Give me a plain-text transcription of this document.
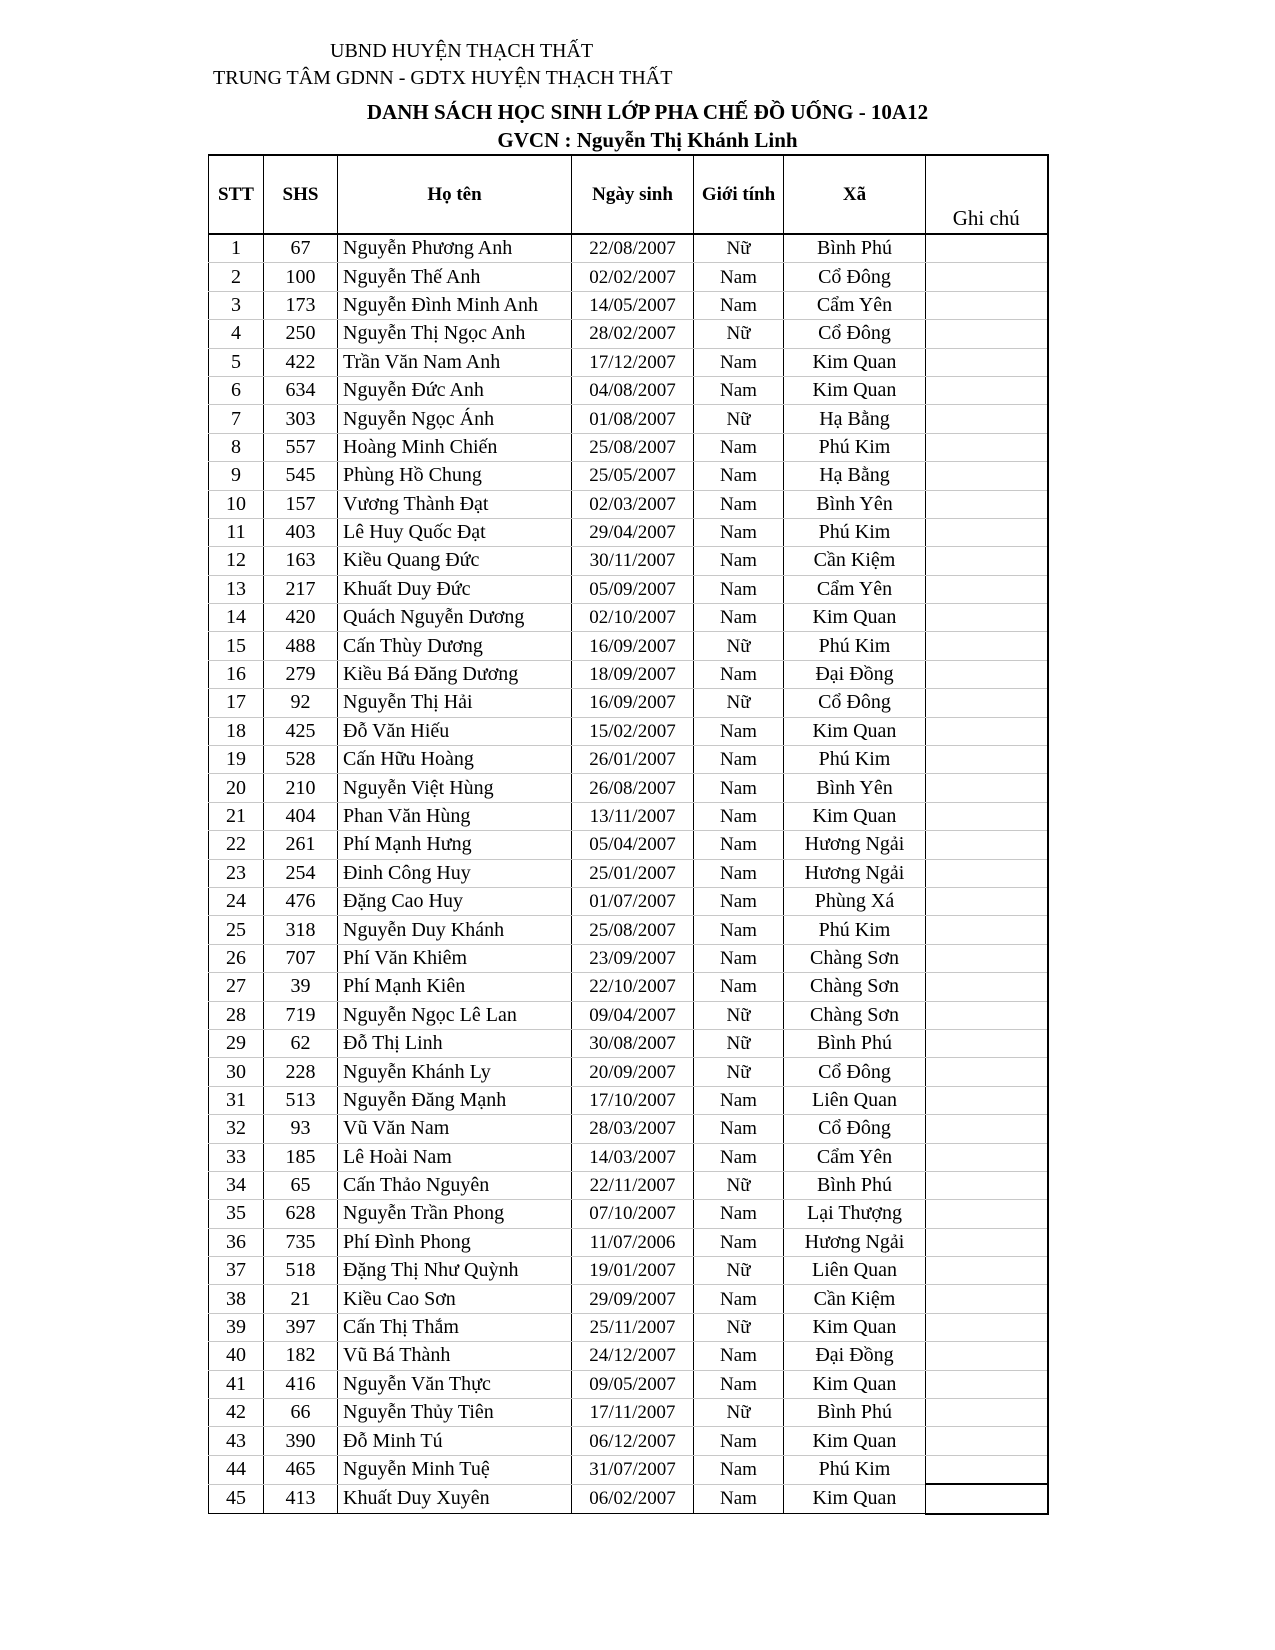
UBND HUYỆN THẠCH THẤT
TRUNG TÂM GDNN - GDTX HUYỆN THẠCH THẤT
DANH SÁCH HỌC SINH LỚP PHA CHẾ ĐỒ UỐNG - 10A12
GVCN : Nguyễn Thị Khánh Linh
STT	SHS	Họ tên	Ngày sinh	Giới tính	Xã	Ghi chú
1	67	Nguyễn Phương Anh	22/08/2007	Nữ	Bình Phú	
2	100	Nguyễn Thế Anh	02/02/2007	Nam	Cổ Đông	
3	173	Nguyễn Đình Minh Anh	14/05/2007	Nam	Cẩm Yên	
4	250	Nguyễn Thị Ngọc Anh	28/02/2007	Nữ	Cổ Đông	
5	422	Trần Văn Nam Anh	17/12/2007	Nam	Kim Quan	
6	634	Nguyễn Đức Anh	04/08/2007	Nam	Kim Quan	
7	303	Nguyễn Ngọc Ánh	01/08/2007	Nữ	Hạ Bằng	
8	557	Hoàng Minh Chiến	25/08/2007	Nam	Phú Kim	
9	545	Phùng Hồ Chung	25/05/2007	Nam	Hạ Bằng	
10	157	Vương Thành Đạt	02/03/2007	Nam	Bình Yên	
11	403	Lê Huy Quốc Đạt	29/04/2007	Nam	Phú Kim	
12	163	Kiều Quang Đức	30/11/2007	Nam	Cần Kiệm	
13	217	Khuất Duy Đức	05/09/2007	Nam	Cẩm Yên	
14	420	Quách Nguyễn Dương	02/10/2007	Nam	Kim Quan	
15	488	Cấn Thùy Dương	16/09/2007	Nữ	Phú Kim	
16	279	Kiều Bá Đăng Dương	18/09/2007	Nam	Đại Đồng	
17	92	Nguyễn Thị Hải	16/09/2007	Nữ	Cổ Đông	
18	425	Đỗ Văn Hiếu	15/02/2007	Nam	Kim Quan	
19	528	Cấn Hữu Hoàng	26/01/2007	Nam	Phú Kim	
20	210	Nguyễn Việt Hùng	26/08/2007	Nam	Bình Yên	
21	404	Phan Văn Hùng	13/11/2007	Nam	Kim Quan	
22	261	Phí Mạnh Hưng	05/04/2007	Nam	Hương Ngải	
23	254	Đinh Công Huy	25/01/2007	Nam	Hương Ngải	
24	476	Đặng Cao Huy	01/07/2007	Nam	Phùng Xá	
25	318	Nguyễn Duy Khánh	25/08/2007	Nam	Phú Kim	
26	707	Phí Văn Khiêm	23/09/2007	Nam	Chàng Sơn	
27	39	Phí Mạnh Kiên	22/10/2007	Nam	Chàng Sơn	
28	719	Nguyễn Ngọc Lê Lan	09/04/2007	Nữ	Chàng Sơn	
29	62	Đỗ Thị Linh	30/08/2007	Nữ	Bình Phú	
30	228	Nguyễn Khánh Ly	20/09/2007	Nữ	Cổ Đông	
31	513	Nguyễn Đăng Mạnh	17/10/2007	Nam	Liên Quan	
32	93	Vũ Văn Nam	28/03/2007	Nam	Cổ Đông	
33	185	Lê Hoài Nam	14/03/2007	Nam	Cẩm Yên	
34	65	Cấn Thảo Nguyên	22/11/2007	Nữ	Bình Phú	
35	628	Nguyễn Trần Phong	07/10/2007	Nam	Lại Thượng	
36	735	Phí Đình Phong	11/07/2006	Nam	Hương Ngải	
37	518	Đặng Thị Như Quỳnh	19/01/2007	Nữ	Liên Quan	
38	21	Kiều Cao Sơn	29/09/2007	Nam	Cần Kiệm	
39	397	Cấn Thị Thắm	25/11/2007	Nữ	Kim Quan	
40	182	Vũ Bá Thành	24/12/2007	Nam	Đại Đồng	
41	416	Nguyễn Văn Thực	09/05/2007	Nam	Kim Quan	
42	66	Nguyễn Thủy Tiên	17/11/2007	Nữ	Bình Phú	
43	390	Đỗ Minh Tú	06/12/2007	Nam	Kim Quan	
44	465	Nguyễn Minh Tuệ	31/07/2007	Nam	Phú Kim	
45	413	Khuất Duy Xuyên	06/02/2007	Nam	Kim Quan	
